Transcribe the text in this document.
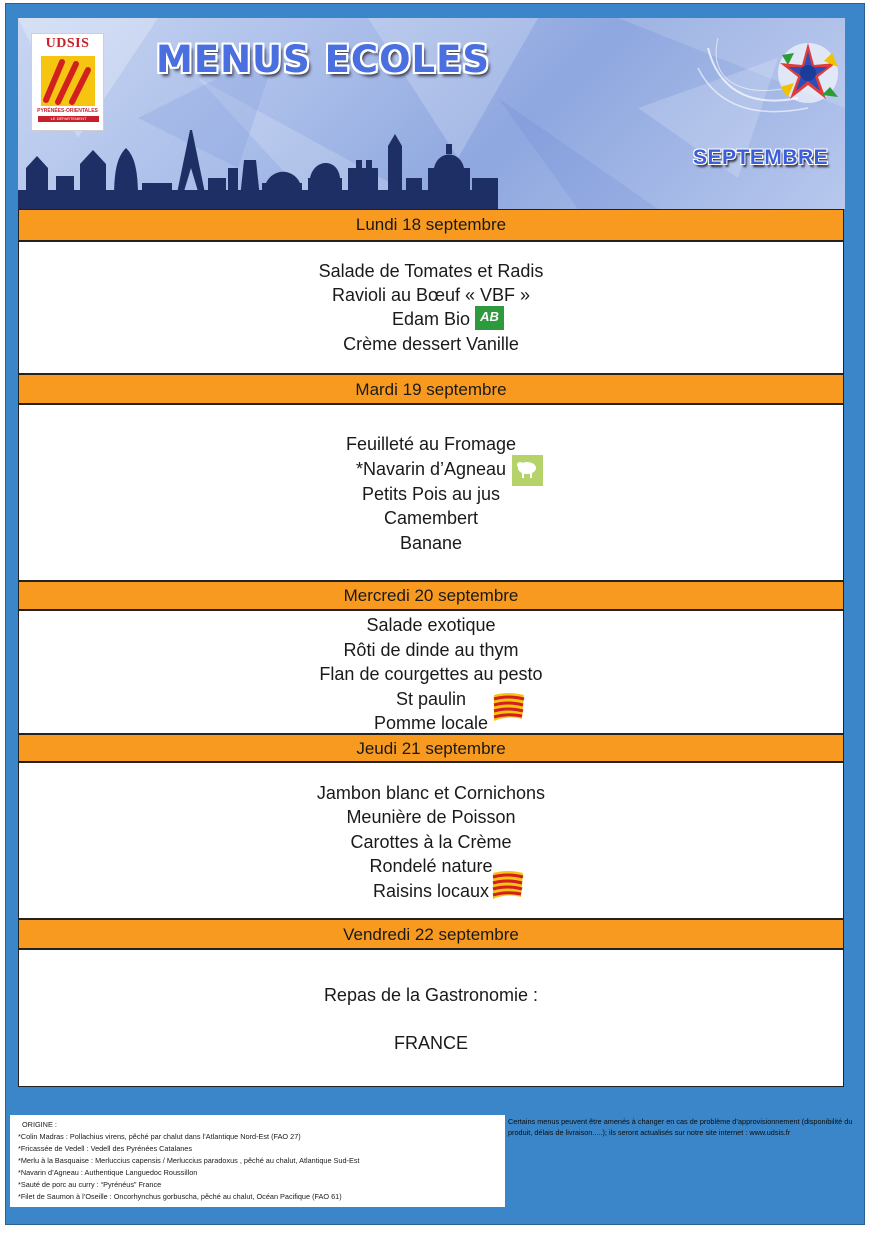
UDSIS
PYRÉNÉES-ORIENTALES
LE DÉPARTEMENT
MENUS ECOLES
SEPTEMBRE
Lundi 18 septembre
Salade de Tomates et Radis
Ravioli au Bœuf « VBF »
Edam Bio AB
Crème dessert Vanille
Mardi 19 septembre
Feuilleté au Fromage
*Navarin d’Agneau
Petits Pois au jus
Camembert
Banane
Mercredi 20 septembre
Salade exotique
Rôti de dinde au thym
Flan de courgettes au pesto
St paulin
Pomme locale
Jeudi 21 septembre
Jambon blanc et Cornichons
Meunière de Poisson
Carottes à la Crème
Rondelé nature
Raisins locaux
Vendredi 22 septembre
Repas de la Gastronomie :
FRANCE
ORIGINE :
*Colin Madras : Pollachius virens, pêché par chalut dans l’Atlantique Nord-Est (FAO 27)
*Fricassée de Vedell : Vedell des Pyrénées Catalanes
*Merlu à la Basquaise : Merluccius capensis / Merluccius paradoxus , pêché au chalut, Atlantique Sud-Est
*Navarin d’Agneau : Authentique Languedoc Roussillon
*Sauté de porc au curry : “Pyrénéus” France
*Filet de Saumon à l’Oseille : Oncorhynchus gorbuscha, pêché au chalut, Océan Pacifique (FAO 61)
Certains menus peuvent être amenés à changer en cas de problème d’approvisionnement (disponibilité du produit, délais de livraison.....); ils seront actualisés sur notre site internet : www.udsis.fr
